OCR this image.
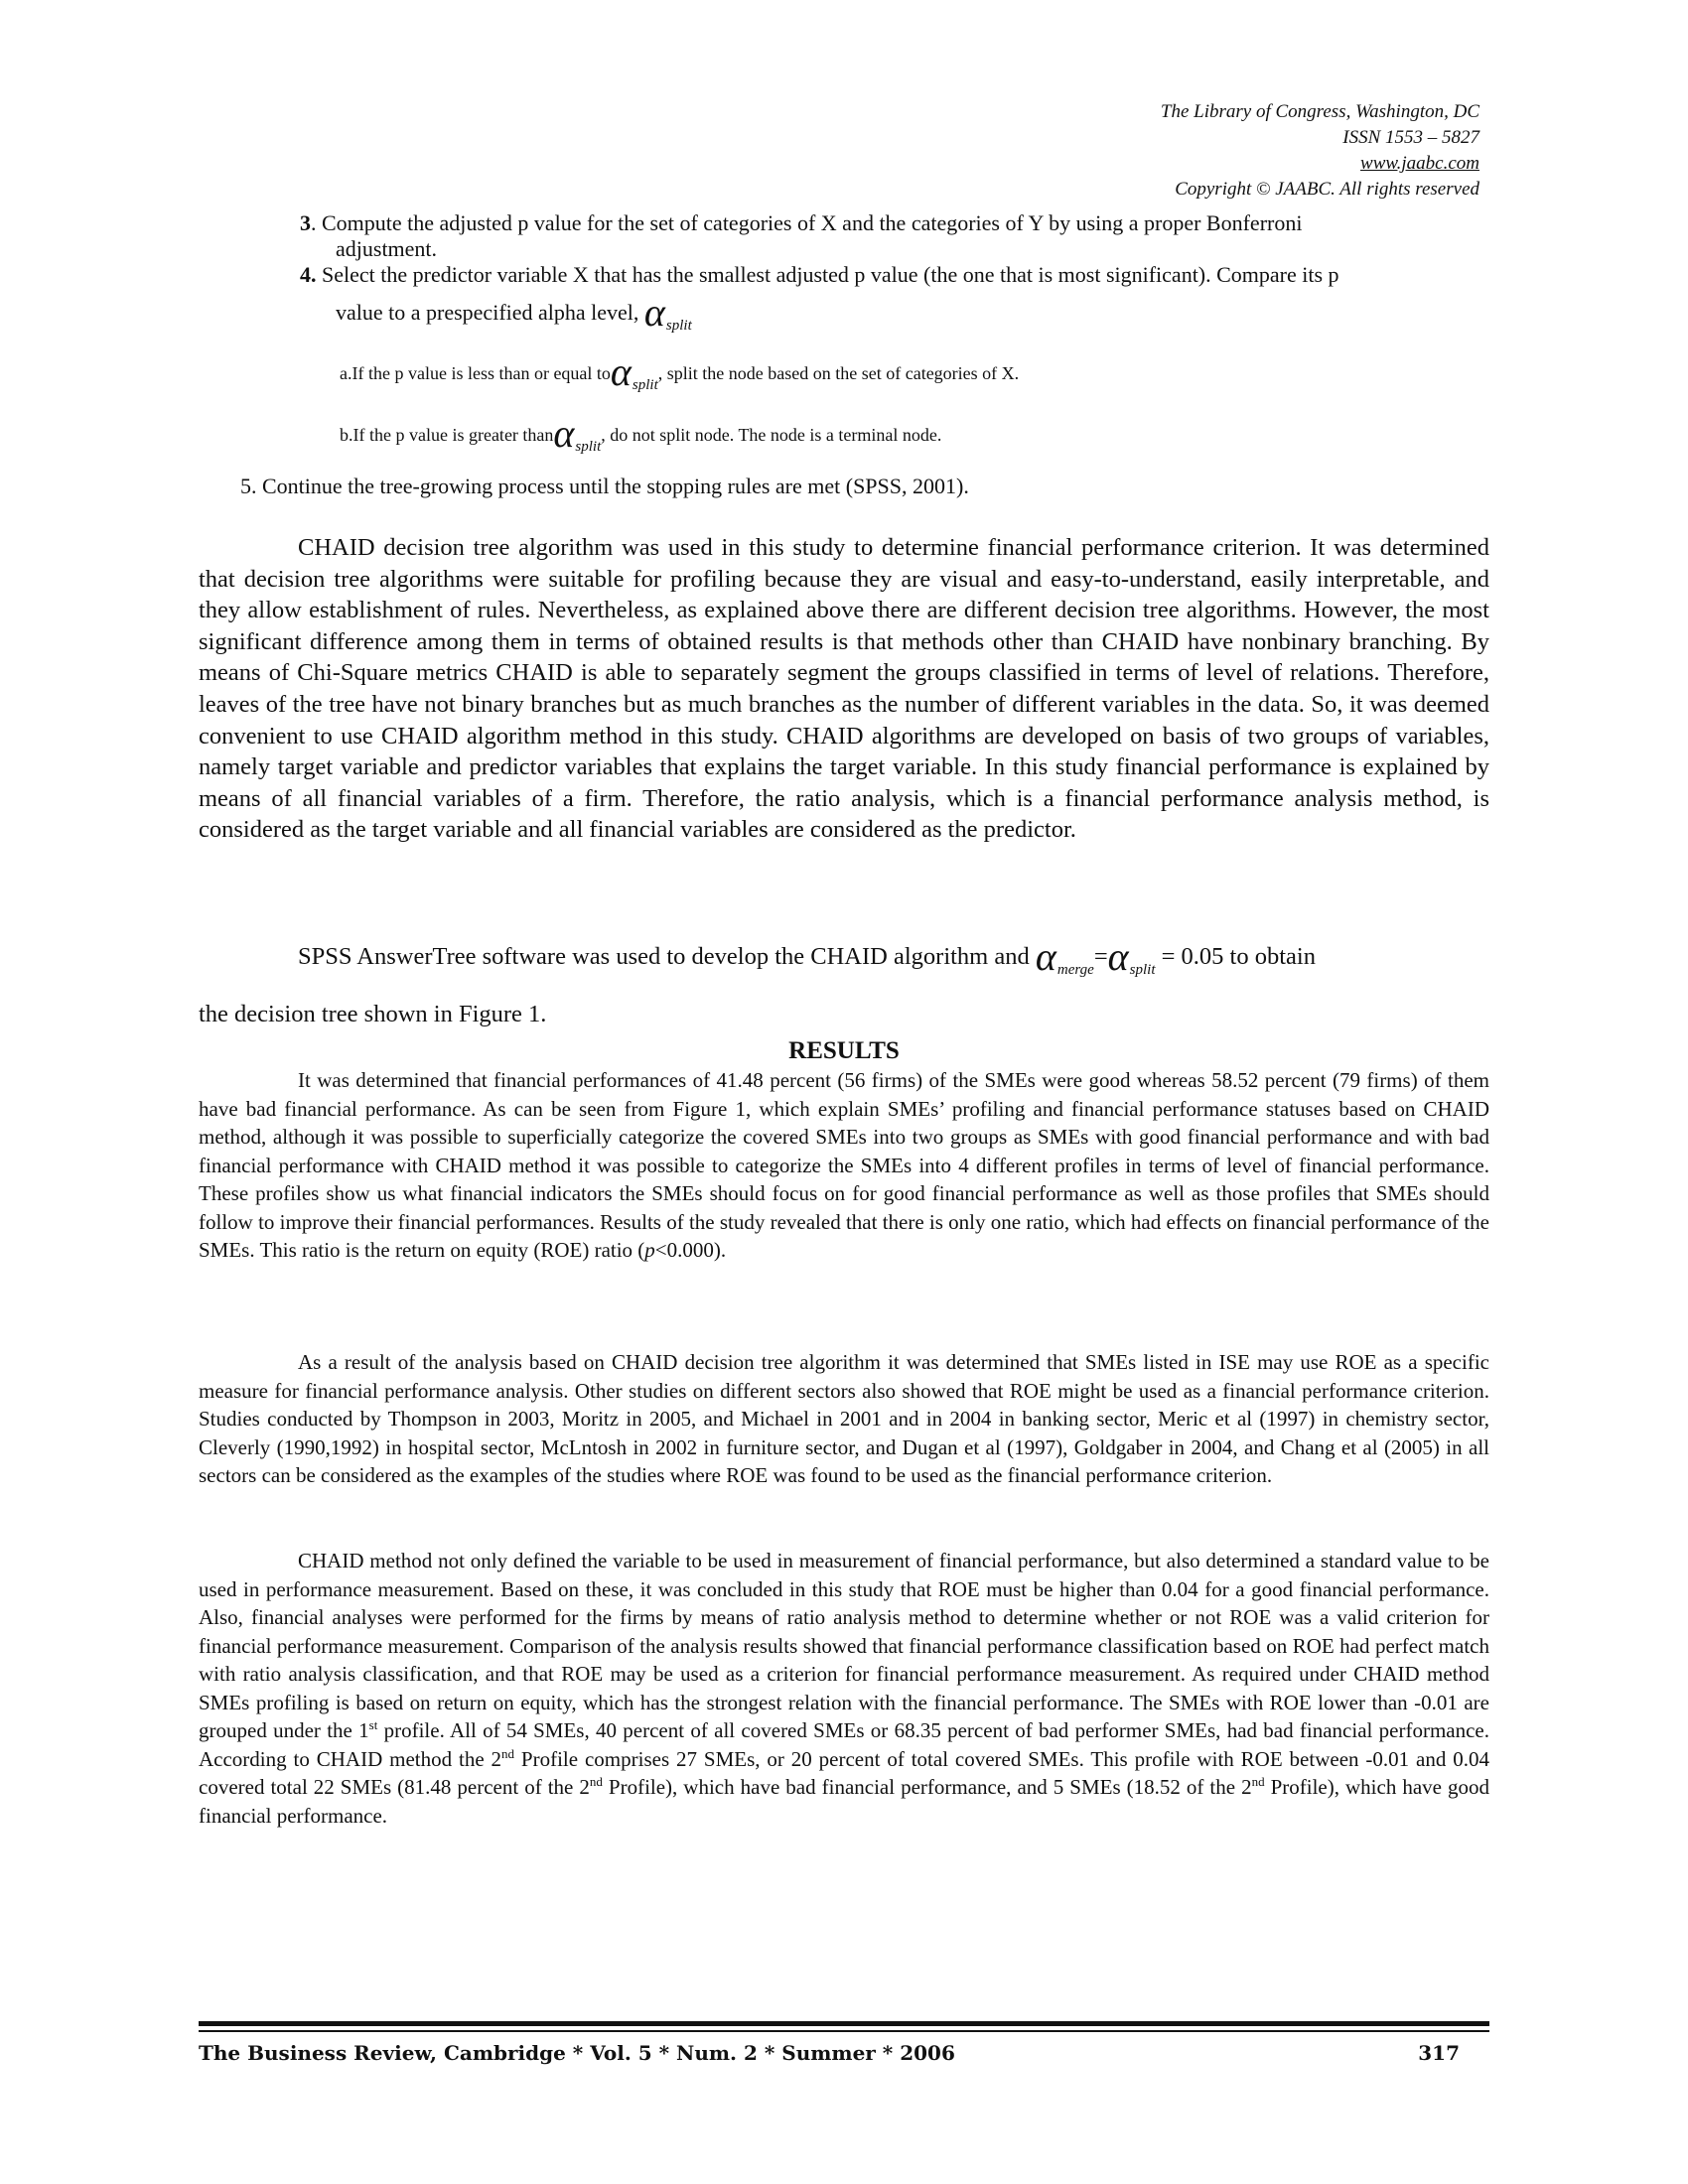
The Library of Congress, Washington, DC
ISSN 1553 – 5827
www.jaabc.com
Copyright © JAABC. All rights reserved
3. Compute the adjusted p value for the set of categories of X and the categories of Y by using a proper Bonferroni
adjustment.
4. Select the predictor variable X that has the smallest adjusted p value (the one that is most significant). Compare its p
value to a prespecified alpha level, $\alpha_{split}$
a.If the p value is less than or equal toα$_{split}$, split the node based on the set of categories of X.
b.If the p value is greater thanα$_{split}$, do not split node. The node is a terminal node.
5. Continue the tree-growing process until the stopping rules are met (SPSS, 2001).
CHAID decision tree algorithm was used in this study to determine financial performance criterion. It was determined that decision tree algorithms were suitable for profiling because they are visual and easy-to-understand, easily interpretable, and they allow establishment of rules. Nevertheless, as explained above there are different decision tree algorithms. However, the most significant difference among them in terms of obtained results is that methods other than CHAID have nonbinary branching. By means of Chi-Square metrics CHAID is able to separately segment the groups classified in terms of level of relations. Therefore, leaves of the tree have not binary branches but as much branches as the number of different variables in the data. So, it was deemed convenient to use CHAID algorithm method in this study. CHAID algorithms are developed on basis of two groups of variables, namely target variable and predictor variables that explains the target variable. In this study financial performance is explained by means of all financial variables of a firm. Therefore, the ratio analysis, which is a financial performance analysis method, is considered as the target variable and all financial variables are considered as the predictor.
SPSS AnswerTree software was used to develop the CHAID algorithm and $\alpha_{merge}=\alpha_{split} = 0.05$ to obtain
the decision tree shown in Figure 1.
RESULTS
It was determined that financial performances of 41.48 percent (56 firms) of the SMEs were good whereas 58.52 percent (79 firms) of them have bad financial performance. As can be seen from Figure 1, which explain SMEs’ profiling and financial performance statuses based on CHAID method, although it was possible to superficially categorize the covered SMEs into two groups as SMEs with good financial performance and with bad financial performance with CHAID method it was possible to categorize the SMEs into 4 different profiles in terms of level of financial performance. These profiles show us what financial indicators the SMEs should focus on for good financial performance as well as those profiles that SMEs should follow to improve their financial performances. Results of the study revealed that there is only one ratio, which had effects on financial performance of the SMEs. This ratio is the return on equity (ROE) ratio (p<0.000).
As a result of the analysis based on CHAID decision tree algorithm it was determined that SMEs listed in ISE may use ROE as a specific measure for financial performance analysis. Other studies on different sectors also showed that ROE might be used as a financial performance criterion. Studies conducted by Thompson in 2003, Moritz in 2005, and Michael in 2001 and in 2004 in banking sector, Meric et al (1997) in chemistry sector, Cleverly (1990,1992) in hospital sector, McLntosh in 2002 in furniture sector, and Dugan et al (1997), Goldgaber in 2004, and Chang et al (2005) in all sectors can be considered as the examples of the studies where ROE was found to be used as the financial performance criterion.
CHAID method not only defined the variable to be used in measurement of financial performance, but also determined a standard value to be used in performance measurement. Based on these, it was concluded in this study that ROE must be higher than 0.04 for a good financial performance. Also, financial analyses were performed for the firms by means of ratio analysis method to determine whether or not ROE was a valid criterion for financial performance measurement. Comparison of the analysis results showed that financial performance classification based on ROE had perfect match with ratio analysis classification, and that ROE may be used as a criterion for financial performance measurement. As required under CHAID method SMEs profiling is based on return on equity, which has the strongest relation with the financial performance. The SMEs with ROE lower than -0.01 are grouped under the 1st profile. All of 54 SMEs, 40 percent of all covered SMEs or 68.35 percent of bad performer SMEs, had bad financial performance. According to CHAID method the 2nd Profile comprises 27 SMEs, or 20 percent of total covered SMEs. This profile with ROE between -0.01 and 0.04 covered total 22 SMEs (81.48 percent of the 2nd Profile), which have bad financial performance, and 5 SMEs (18.52 of the 2nd Profile), which have good financial performance.
The Business Review, Cambridge * Vol. 5 * Num. 2 * Summer * 2006	317
